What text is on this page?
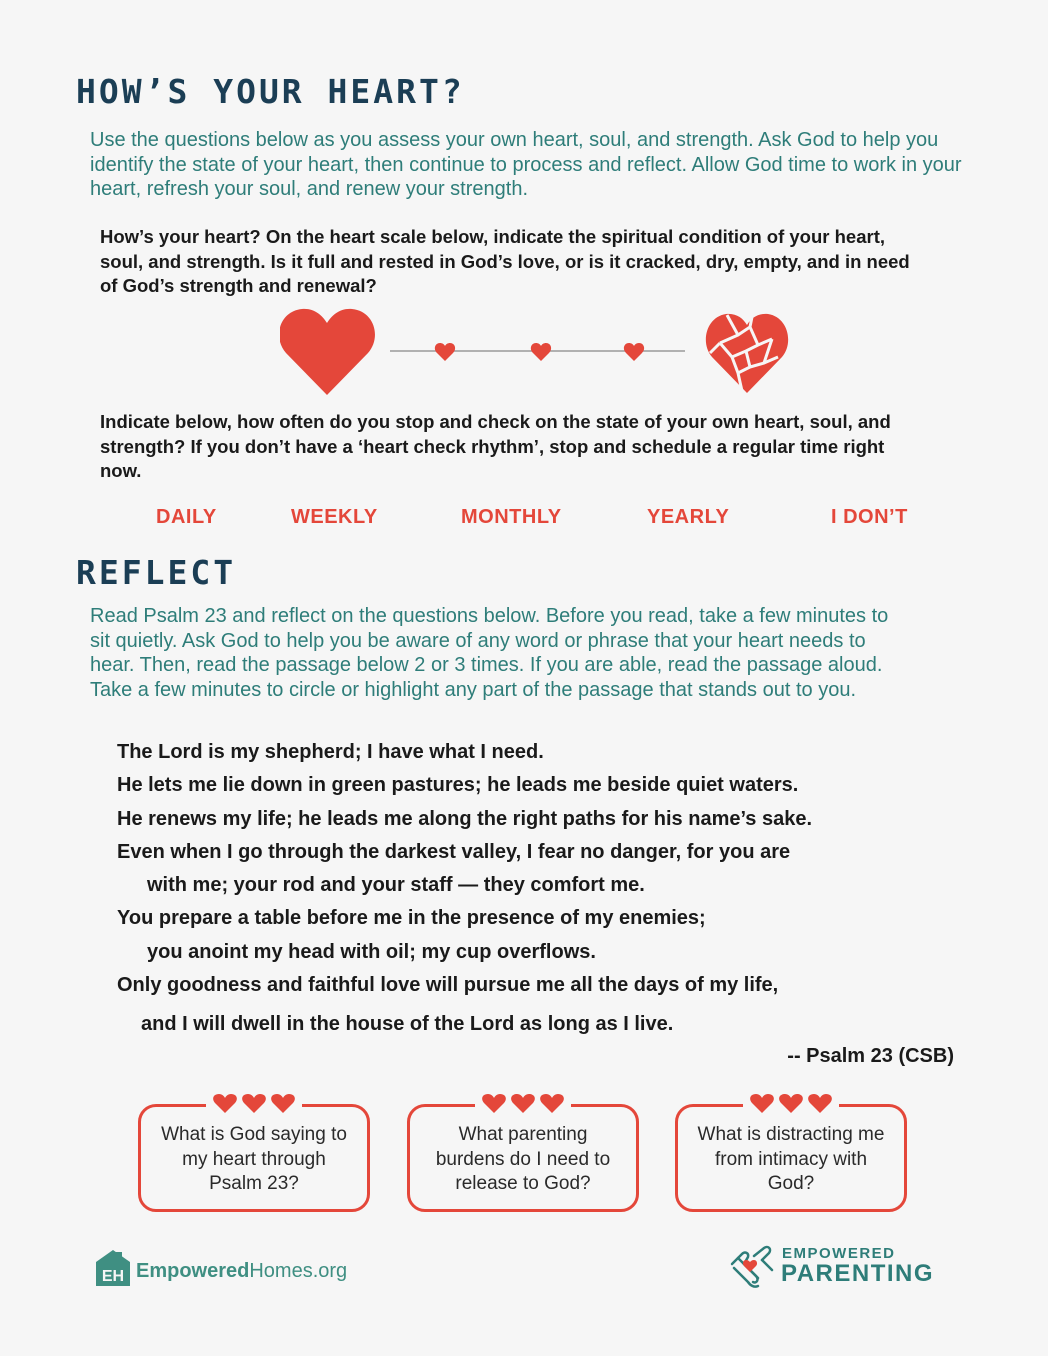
HOW’S YOUR HEART?

Use the questions below as you assess your own heart, soul, and strength. Ask God to help you identify the state of your heart, then continue to process and reflect. Allow God time to work in your heart, refresh your soul, and renew your strength.

How’s your heart? On the heart scale below, indicate the spiritual condition of your heart, soul, and strength. Is it full and rested in God’s love, or is it cracked, dry, empty, and in need of God’s strength and renewal?

Indicate below, how often do you stop and check on the state of your own heart, soul, and strength? If you don’t have a ‘heart check rhythm’, stop and schedule a regular time right now.

DAILY	WEEKLY	MONTHLY	YEARLY	I DON’T
REFLECT

Read Psalm 23 and reflect on the questions below. Before you read, take a few minutes to sit quietly. Ask God to help you be aware of any word or phrase that your heart needs to hear. Then, read the passage below 2 or 3 times. If you are able, read the passage aloud. Take a few minutes to circle or highlight any part of the passage that stands out to you.

The Lord is my shepherd; I have what I need.
He lets me lie down in green pastures; he leads me beside quiet waters.
He renews my life; he leads me along the right paths for his name’s sake.
Even when I go through the darkest valley, I fear no danger, for you are
with me; your rod and your staff — they comfort me.
You prepare a table before me in the presence of my enemies;
you anoint my head with oil; my cup overflows.
Only goodness and faithful love will pursue me all the days of my life,
and I will dwell in the house of the Lord as long as I live.
-- Psalm 23 (CSB)
What is God saying to my heart through Psalm 23?
What parenting burdens do I need to release to God?
What is distracting me from intimacy with God?
EH EmpoweredHomes.org
EMPOWERED
PARENTING
